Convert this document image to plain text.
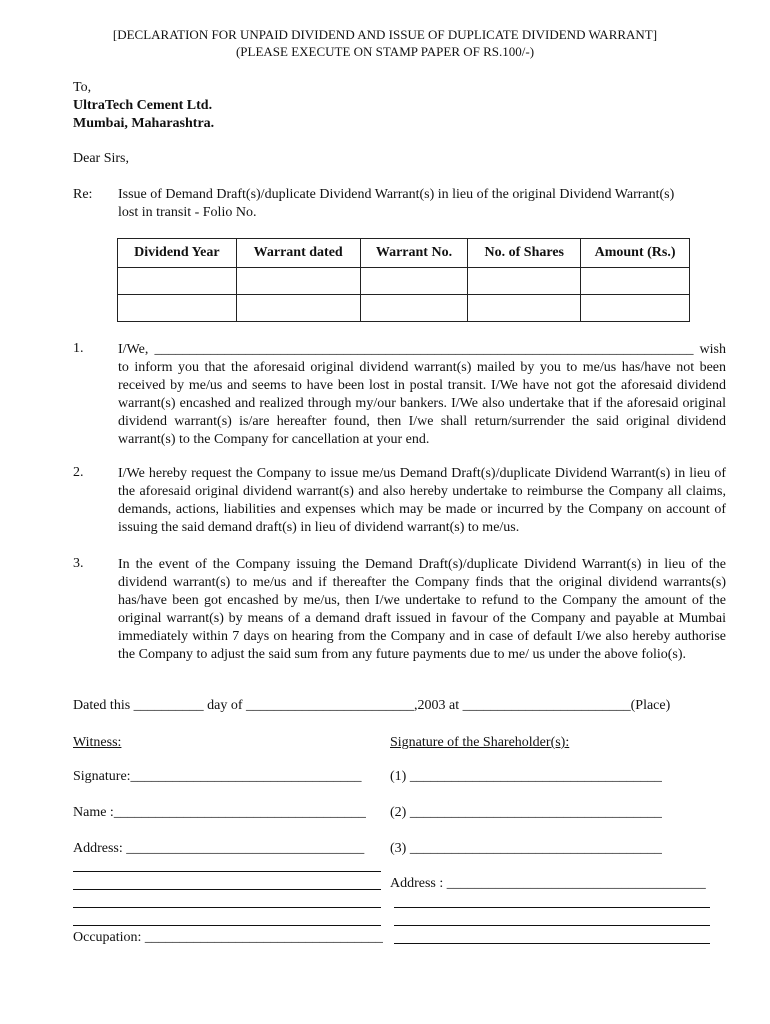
[DECLARATION FOR UNPAID DIVIDEND AND ISSUE OF DUPLICATE DIVIDEND WARRANT]
(PLEASE EXECUTE ON STAMP PAPER OF RS.100/-)
To,
UltraTech Cement Ltd.
Mumbai, Maharashtra.
Dear Sirs,
Re: Issue of Demand Draft(s)/duplicate Dividend Warrant(s) in lieu of the original Dividend Warrant(s)
lost in transit - Folio No.
Dividend Year	Warrant dated	Warrant No.	No. of Shares	Amount (Rs.)

1. I/We, _____________________________________________________________________________ wish to inform you that the aforesaid original dividend warrant(s) mailed by you to me/us has/have not been received by me/us and seems to have been lost in postal transit. I/We have not got the aforesaid dividend warrant(s) encashed and realized through my/our bankers. I/We also undertake that if the aforesaid original dividend warrant(s) is/are hereafter found, then I/we shall return/surrender the said original dividend warrant(s) to the Company for cancellation at your end.
2. I/We hereby request the Company to issue me/us Demand Draft(s)/duplicate Dividend Warrant(s) in lieu of the aforesaid original dividend warrant(s) and also hereby undertake to reimburse the Company all claims, demands, actions, liabilities and expenses which may be made or incurred by the Company on account of issuing the said demand draft(s) in lieu of dividend warrant(s) to me/us.
3. In the event of the Company issuing the Demand Draft(s)/duplicate Dividend Warrant(s) in lieu of the dividend warrant(s) to me/us and if thereafter the Company finds that the original dividend warrants(s) has/have been got encashed by me/us, then I/we undertake to refund to the Company the amount of the original warrant(s) by means of a demand draft issued in favour of the Company and payable at Mumbai immediately within 7 days on hearing from the Company and in case of default I/we also hereby authorise the Company to adjust the said sum from any future payments due to me/ us under the above folio(s).
Dated this __________ day of ________________________,2003 at ________________________(Place)
Witness:
Signature:_________________________________
Name :____________________________________
Address: __________________________________
Occupation: __________________________________
Signature of the Shareholder(s):
(1) ____________________________________
(2) ____________________________________
(3) ____________________________________
Address : _____________________________________
